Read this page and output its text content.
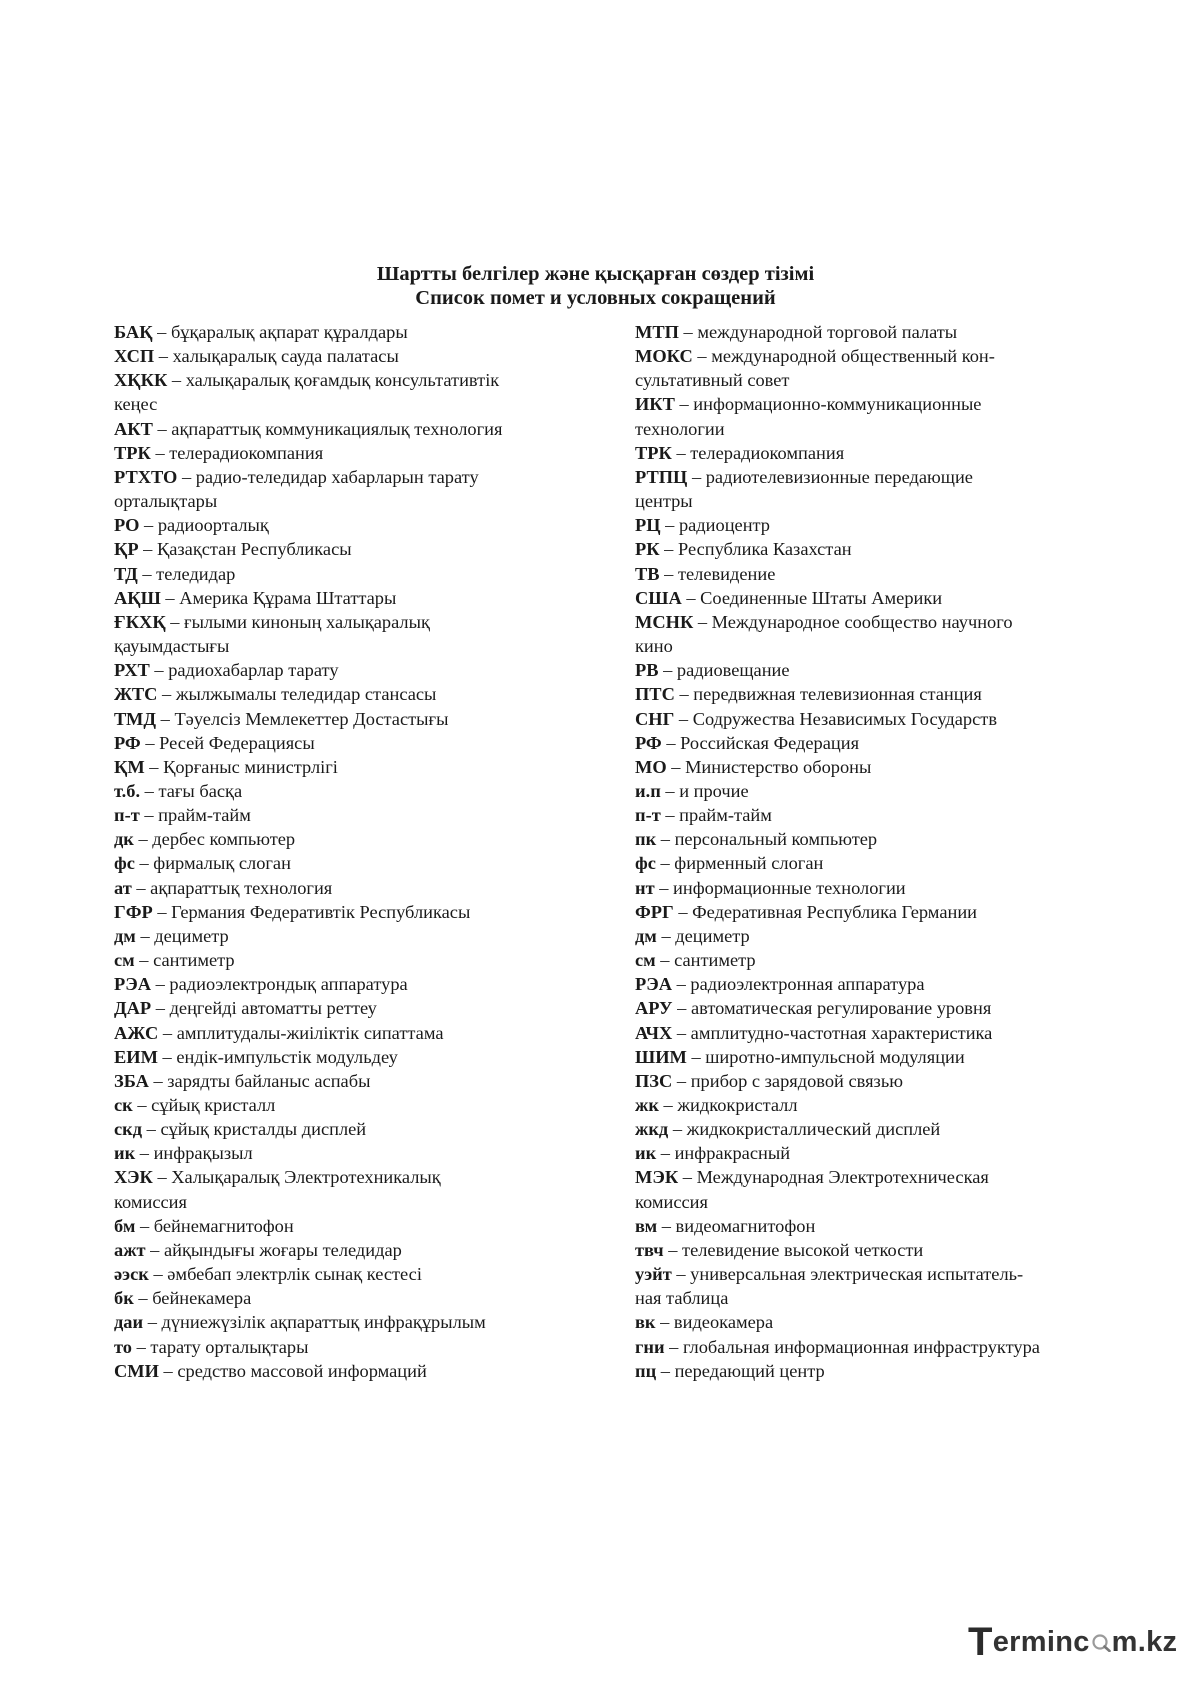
Шартты белгілер және қысқарған сөздер тізімі
Список помет и условных сокращений
БАҚ – бұқаралық ақпарат құралдары
ХСП – халықаралық сауда палатасы
ХҚКК – халықаралық қоғамдық консультативтік
кеңес
АКТ – ақпараттық коммуникациялық технология
ТРК – телерадиокомпания
РТХТО – радио-теледидар хабарларын тарату
орталықтары
РО – радиоорталық
ҚР – Қазақстан Республикасы
ТД – теледидар
АҚШ – Америка Құрама Штаттары
ҒКХҚ – ғылыми киноның халықаралық
қауымдастығы
РХТ – радиохабарлар тарату
ЖТС – жылжымалы теледидар стансасы
ТМД – Тәуелсіз Мемлекеттер Достастығы
РФ – Ресей Федерациясы
ҚМ – Қорғаныс министрлігі
т.б. – тағы басқа
п-т – прайм-тайм
дк – дербес компьютер
фс – фирмалық слоган
ат – ақпараттық технология
ГФР – Германия Федеративтік Республикасы
дм – дециметр
см – сантиметр
РЭА – радиоэлектрондық аппаратура
ДАР – деңгейді автоматты реттеу
АЖС – амплитудалы-жиіліктік сипаттама
ЕИМ – ендік-импульстік модульдеу
ЗБА – зарядты байланыс аспабы
ск – сұйық кристалл
скд – сұйық кристалды дисплей
ик – инфрақызыл
ХЭК – Халықаралық Электротехникалық
комиссия
бм – бейнемагнитофон
ажт – айқындығы жоғары теледидар
әэск – әмбебап электрлік сынақ кестесі
бк – бейнекамера
даи – дүниежүзілік ақпараттық инфрақұрылым
то – тарату орталықтары
СМИ – средство массовой информаций
МТП – международной торговой палаты
МОКС – международной общественный кон-
сультативный совет
ИКТ – информационно-коммуникационные
технологии
ТРК – телерадиокомпания
РТПЦ – радиотелевизионные передающие
центры
РЦ – радиоцентр
РК – Республика Казахстан
ТВ – телевидение
США – Соединенные Штаты Америки
МСНК – Международное сообщество научного
кино
РВ – радиовещание
ПТС – передвижная телевизионная станция
СНГ – Содружества Независимых Государств
РФ – Российская Федерация
МО – Министерство обороны
и.п – и прочие
п-т – прайм-тайм
пк – персональный компьютер
фс – фирменный слоган
нт – информационные технологии
ФРГ – Федеративная Республика Германии
дм – дециметр
см – сантиметр
РЭА – радиоэлектронная аппаратура
АРУ – автоматическая регулирование уровня
АЧХ – амплитудно-частотная характеристика
ШИМ – широтно-импульсной модуляции
ПЗС – прибор с зарядовой связью
жк – жидкокристалл
жкд – жидкокристаллический дисплей
ик – инфракрасный
МЭК – Международная Электротехническая
комиссия
вм – видеомагнитофон
твч – телевидение высокой четкости
уэйт – универсальная электрическая испытатель-
ная таблица
вк – видеокамера
гни – глобальная информационная инфраструктура
пц – передающий центр
T erminc m.kz
